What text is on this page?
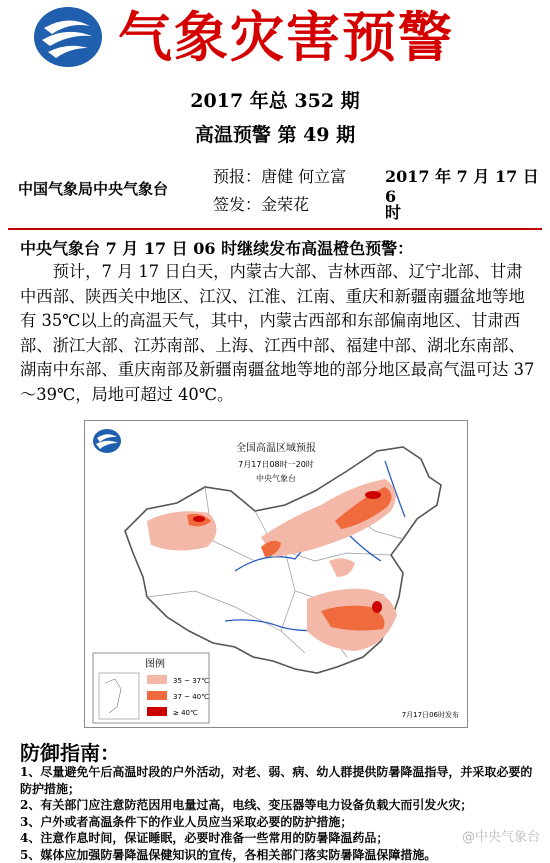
气象灾害预警
2017 年总 352 期
高温预警 第 49 期
中国气象局中央气象台
预报：唐健 何立富
签发：金荣花
2017 年 7 月 17 日 6
时
中央气象台 7 月 17 日 06 时继续发布高温橙色预警：

预计，7 月 17 日白天，内蒙古大部、吉林西部、辽宁北部、甘肃中西部、陕西关中地区、江汉、江淮、江南、重庆和新疆南疆盆地等地有 35℃以上的高温天气，其中，内蒙古西部和东部偏南地区、甘肃西部、浙江大部、江苏南部、上海、江西中部、福建中部、湖北东南部、湖南中东部、重庆南部及新疆南疆盆地等地的部分地区最高气温可达 37～39℃，局地可超过 40℃。

全国高温区域预报
7月17日08时一20时
中央气象台
图例
35 ~ 37℃
37 ~ 40℃
≥ 40℃	7月17日06时发布
防御指南：
1、尽量避免午后高温时段的户外活动，对老、弱、病、幼人群提供防暑降温指导，并采取必要的防护措施；
2、有关部门应注意防范因用电量过高，电线、变压器等电力设备负载大而引发火灾；
3、户外或者高温条件下的作业人员应当采取必要的防护措施；
4、注意作息时间，保证睡眠，必要时准备一些常用的防暑降温药品；
5、媒体应加强防暑降温保健知识的宣传，各相关部门落实防暑降温保障措施。
@中央气象台
